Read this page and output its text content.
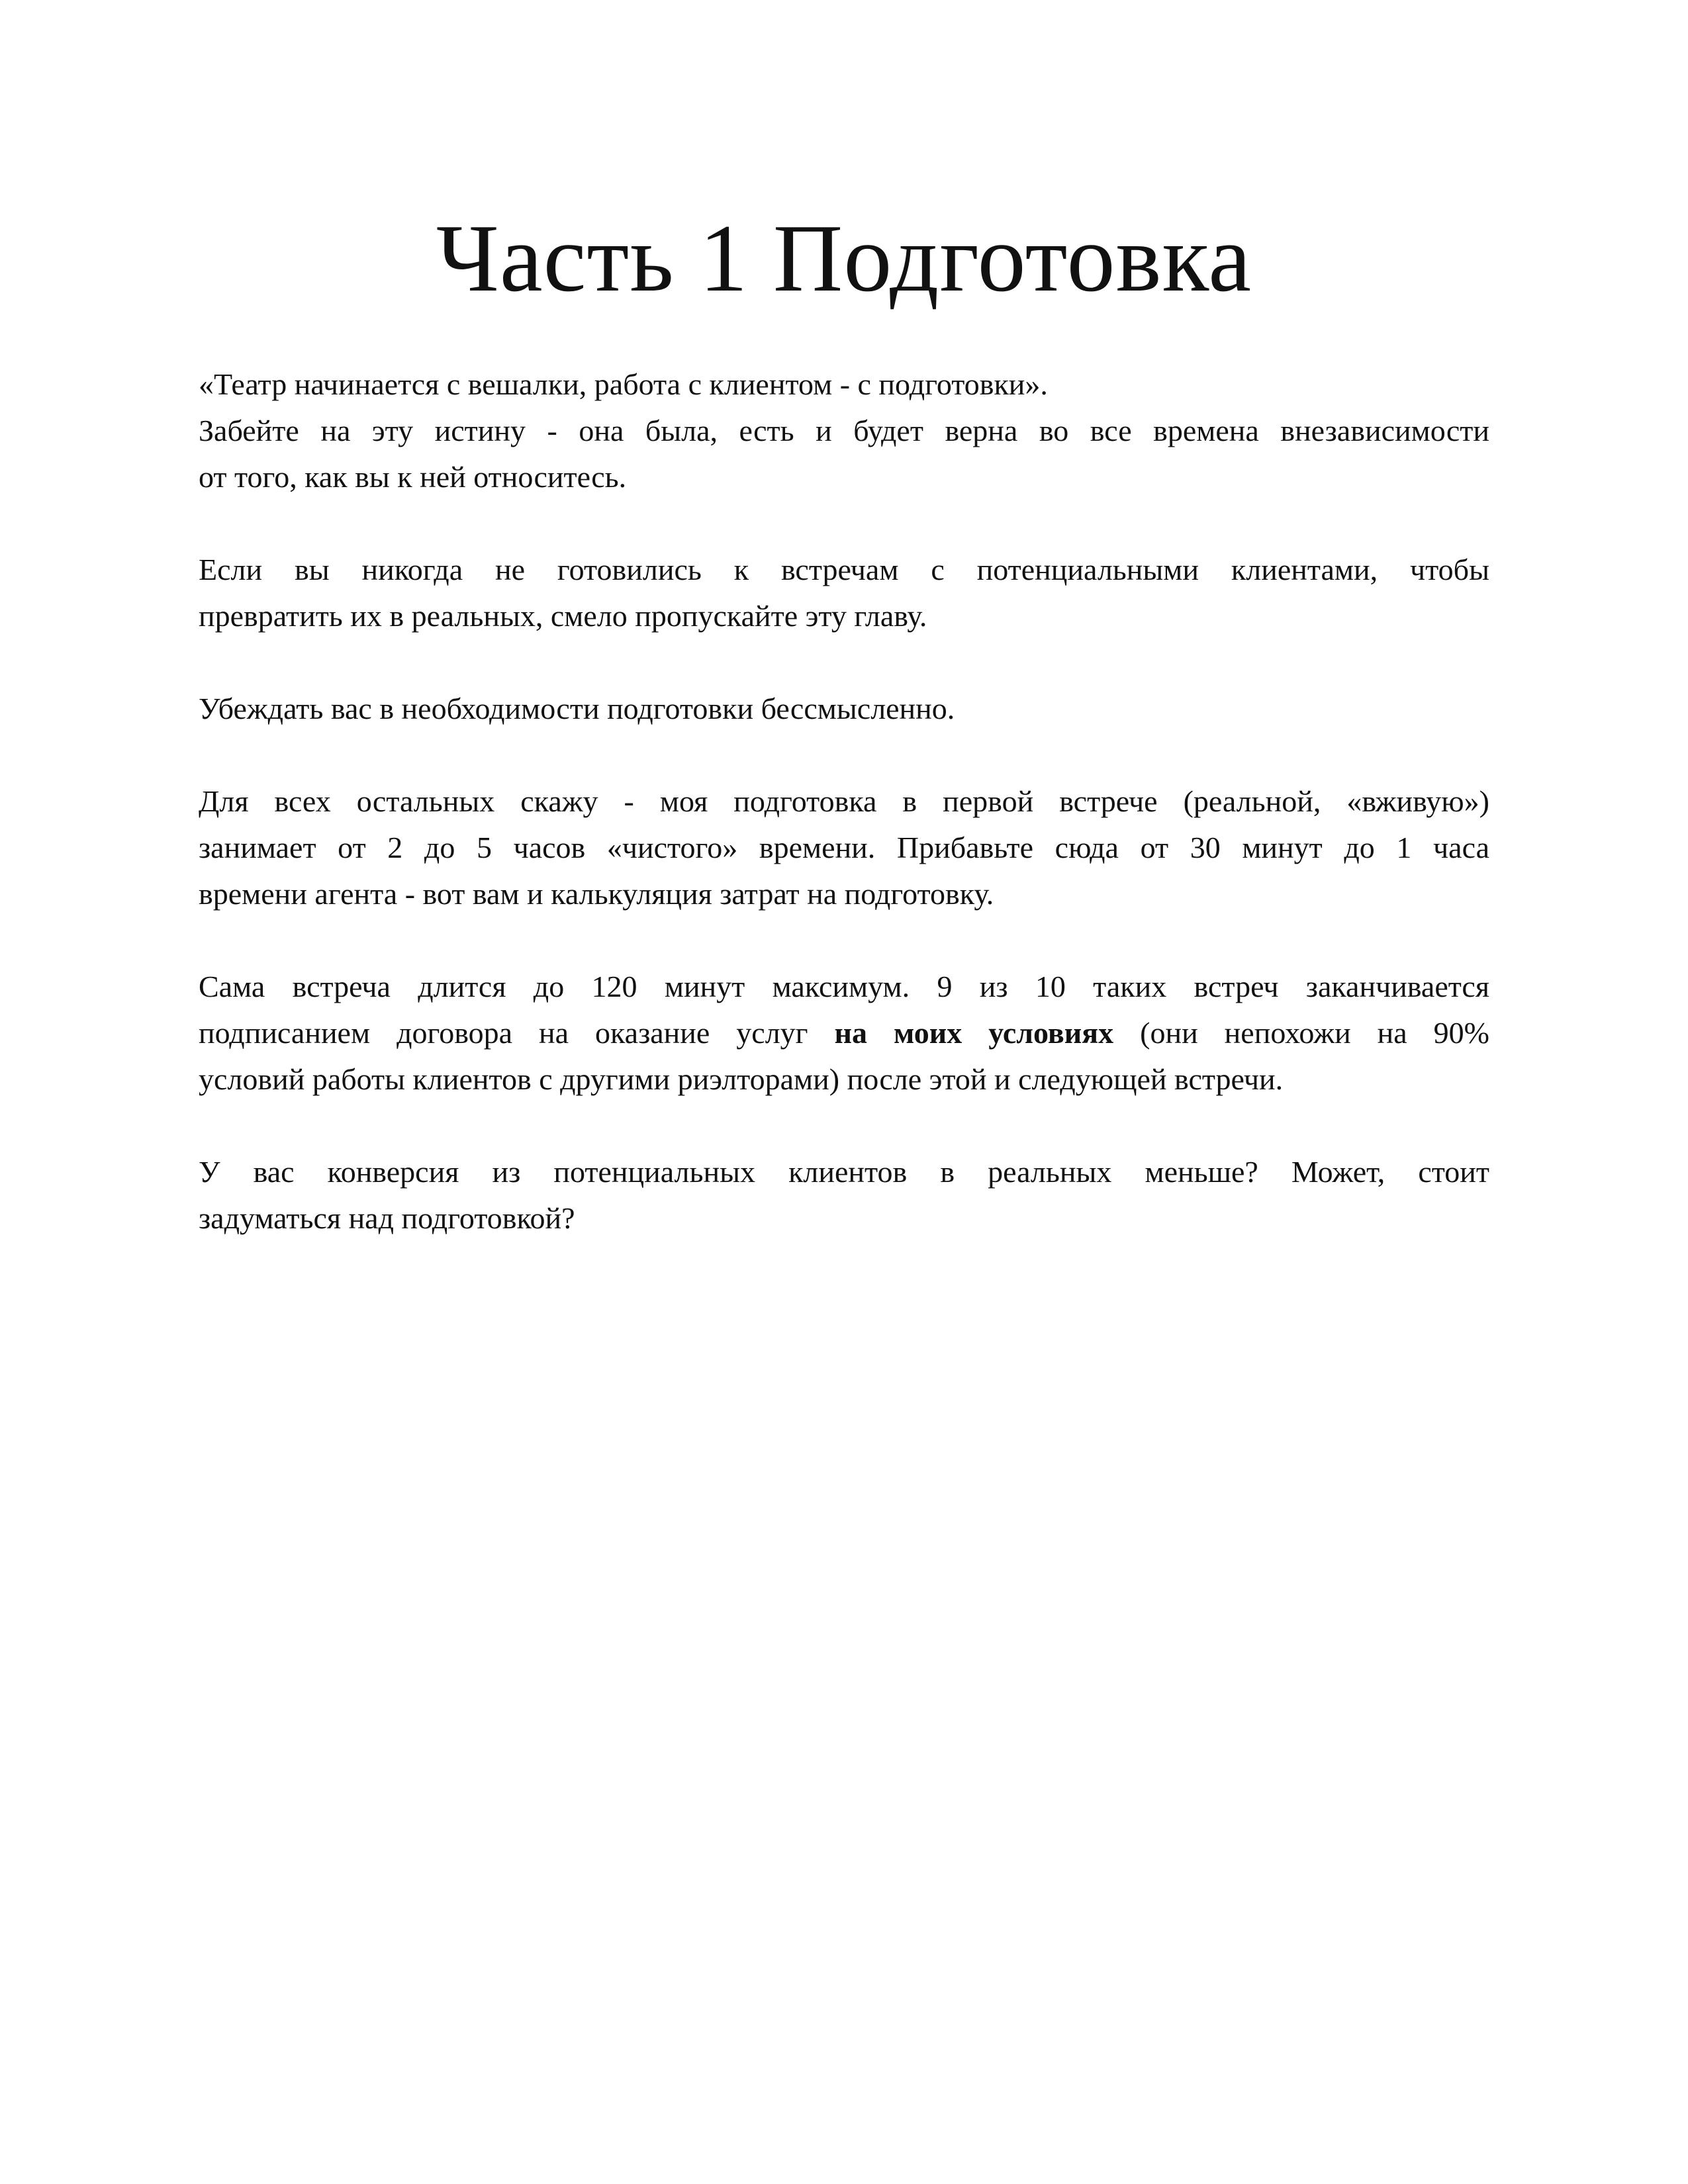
Часть 1 Подготовка

«Театр начинается с вешалки, работа с клиентом - с подготовки».
Забейте на эту истину - она была, есть и будет верна во все времена внезависимости
от того, как вы к ней относитесь.

Если вы никогда не готовились к встречам с потенциальными клиентами, чтобы
превратить их в реальных, смело пропускайте эту главу.

Убеждать вас в необходимости подготовки бессмысленно.

Для всех остальных скажу - моя подготовка в первой встрече (реальной, «вживую»)
занимает от 2 до 5 часов «чистого» времени. Прибавьте сюда от 30 минут до 1 часа
времени агента - вот вам и калькуляция затрат на подготовку.

Сама встреча длится до 120 минут максимум. 9 из 10 таких встреч заканчивается
подписанием договора на оказание услуг на моих условиях (они непохожи на 90%
условий работы клиентов с другими риэлторами) после этой и следующей встречи.

У вас конверсия из потенциальных клиентов в реальных меньше? Может, стоит
задуматься над подготовкой?
